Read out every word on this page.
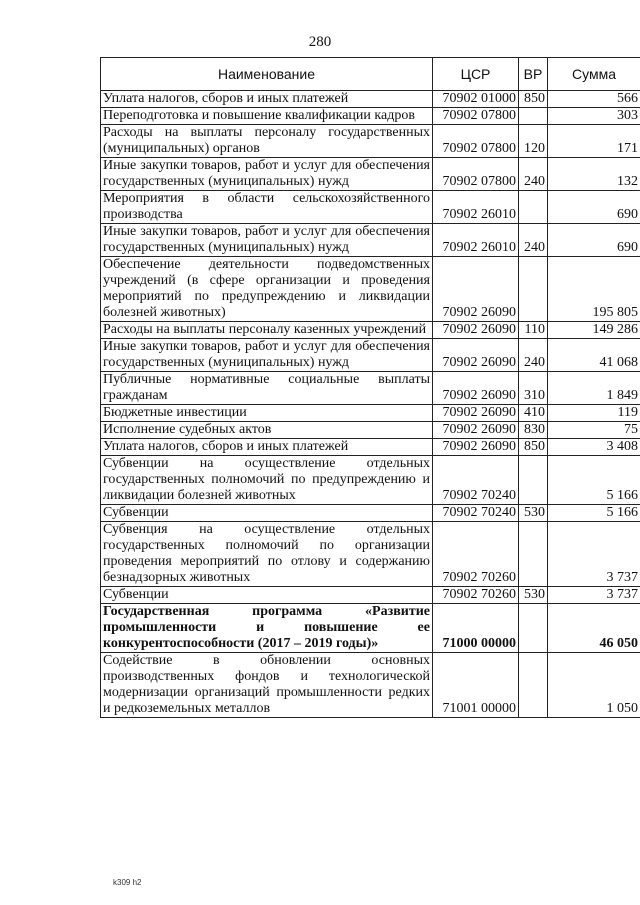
280
Наименование	ЦСР	ВР	Сумма
Уплата налогов, сборов и иных платежей	70902 01000	850	566
Переподготовка и повышение квалификации кадров	70902 07800		303
Расходы на выплаты персоналу государственных (муниципальных) органов	70902 07800	120	171
Иные закупки товаров, работ и услуг для обеспечения государственных (муниципальных) нужд	70902 07800	240	132
Мероприятия в области сельскохозяйственного производства	70902 26010		690
Иные закупки товаров, работ и услуг для обеспечения государственных (муниципальных) нужд	70902 26010	240	690
Обеспечение деятельности подведомственных учреждений (в сфере организации и проведения мероприятий по предупреждению и ликвидации болезней животных)	70902 26090		195 805
Расходы на выплаты персоналу казенных учреждений	70902 26090	110	149 286
Иные закупки товаров, работ и услуг для обеспечения государственных (муниципальных) нужд	70902 26090	240	41 068
Публичные нормативные социальные выплаты гражданам	70902 26090	310	1 849
Бюджетные инвестиции	70902 26090	410	119
Исполнение судебных актов	70902 26090	830	75
Уплата налогов, сборов и иных платежей	70902 26090	850	3 408
Субвенции на осуществление отдельных государственных полномочий по предупреждению и ликвидации болезней животных	70902 70240		5 166
Субвенции	70902 70240	530	5 166
Субвенция на осуществление отдельных государственных полномочий по организации проведения мероприятий по отлову и содержанию безнадзорных животных	70902 70260		3 737
Субвенции	70902 70260	530	3 737
Государственная программа «Развитие промышленности и повышение ее конкурентоспособности (2017 – 2019 годы)»	71000 00000		46 050
Содействие в обновлении основных производственных фондов и технологической модернизации организаций промышленности редких и редкоземельных металлов	71001 00000		1 050
k309 h2
